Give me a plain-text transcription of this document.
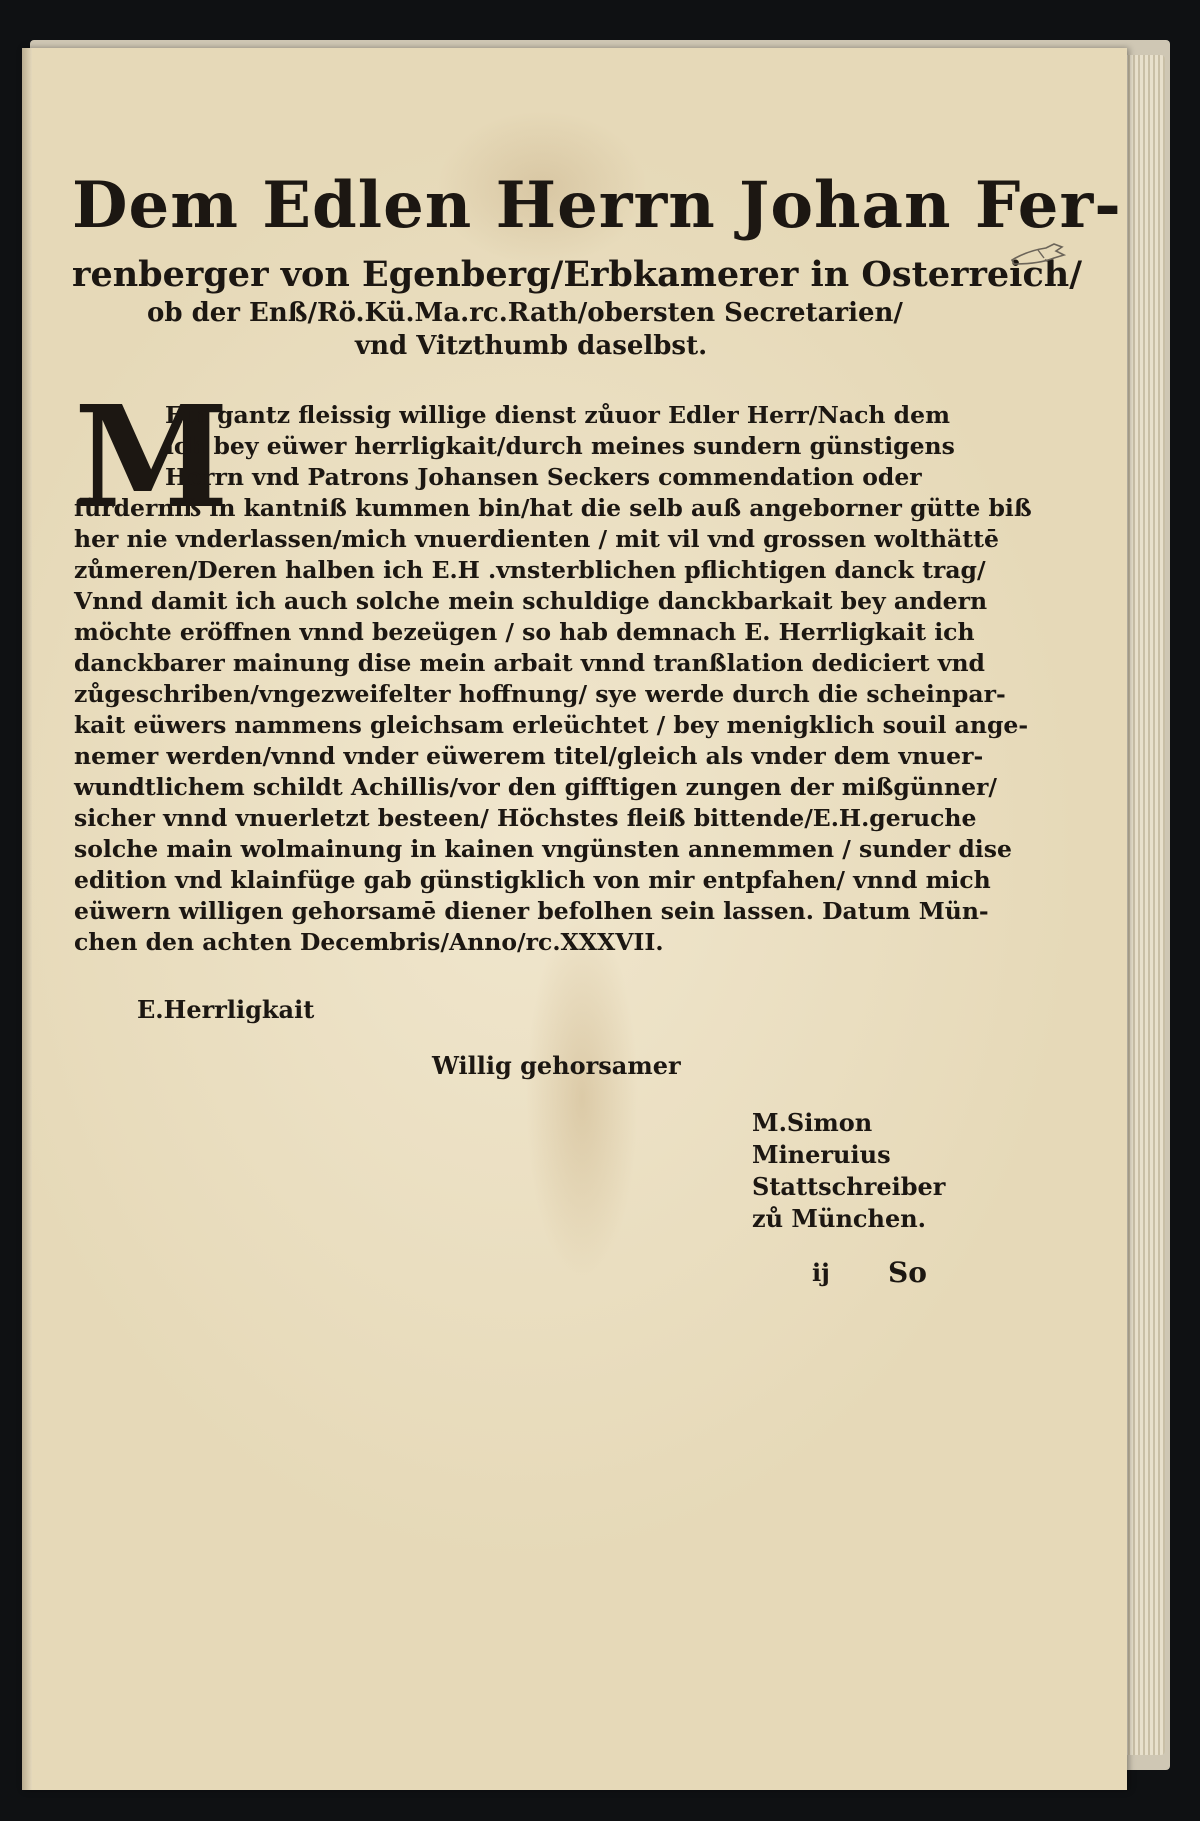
Dem Edlen Herrn Johan Fer-
renberger von Egenberg/Erbkamerer in Osterreich/
ob der Enß/Rö.Kü.Ma.rc.Rath/obersten Secretarien/
vnd Vitzthumb daselbst.
M
Ein gantz fleissig willige dienst zůuor Edler Herr/Nach dem
ich bey eüwer herrligkait/durch meines sundern günstigens
Herrn vnd Patrons Johansen Seckers commendation oder
fürderniß in kantniß kummen bin/hat die selb auß angeborner gütte biß
her nie vnderlassen/mich vnuerdienten / mit vil vnd grossen wolthättē
zůmeren/Deren halben ich E.H .vnsterblichen pflichtigen danck trag/
Vnnd damit ich auch solche mein schuldige danckbarkait bey andern
möchte eröffnen vnnd bezeügen / so hab demnach E. Herrligkait ich
danckbarer mainung dise mein arbait vnnd tranßlation dediciert vnd
zůgeschriben/vngezweifelter hoffnung/ sye werde durch die scheinpar-
kait eüwers nammens gleichsam erleüchtet / bey menigklich souil ange-
nemer werden/vnnd vnder eüwerem titel/gleich als vnder dem vnuer-
wundtlichem schildt Achillis/vor den gifftigen zungen der mißgünner/
sicher vnnd vnuerletzt besteen/ Höchstes fleiß bittende/E.H.geruche
solche main wolmainung in kainen vngünsten annemmen / sunder dise
edition vnd klainfüge gab günstigklich von mir entpfahen/ vnnd mich
eüwern willigen gehorsamē diener befolhen sein lassen. Datum Mün-
chen den achten Decembris/Anno/rc.XXXVII.
E.Herrligkait
Willig gehorsamer
M.Simon
Mineruius
Stattschreiber
zů München.
ij So
